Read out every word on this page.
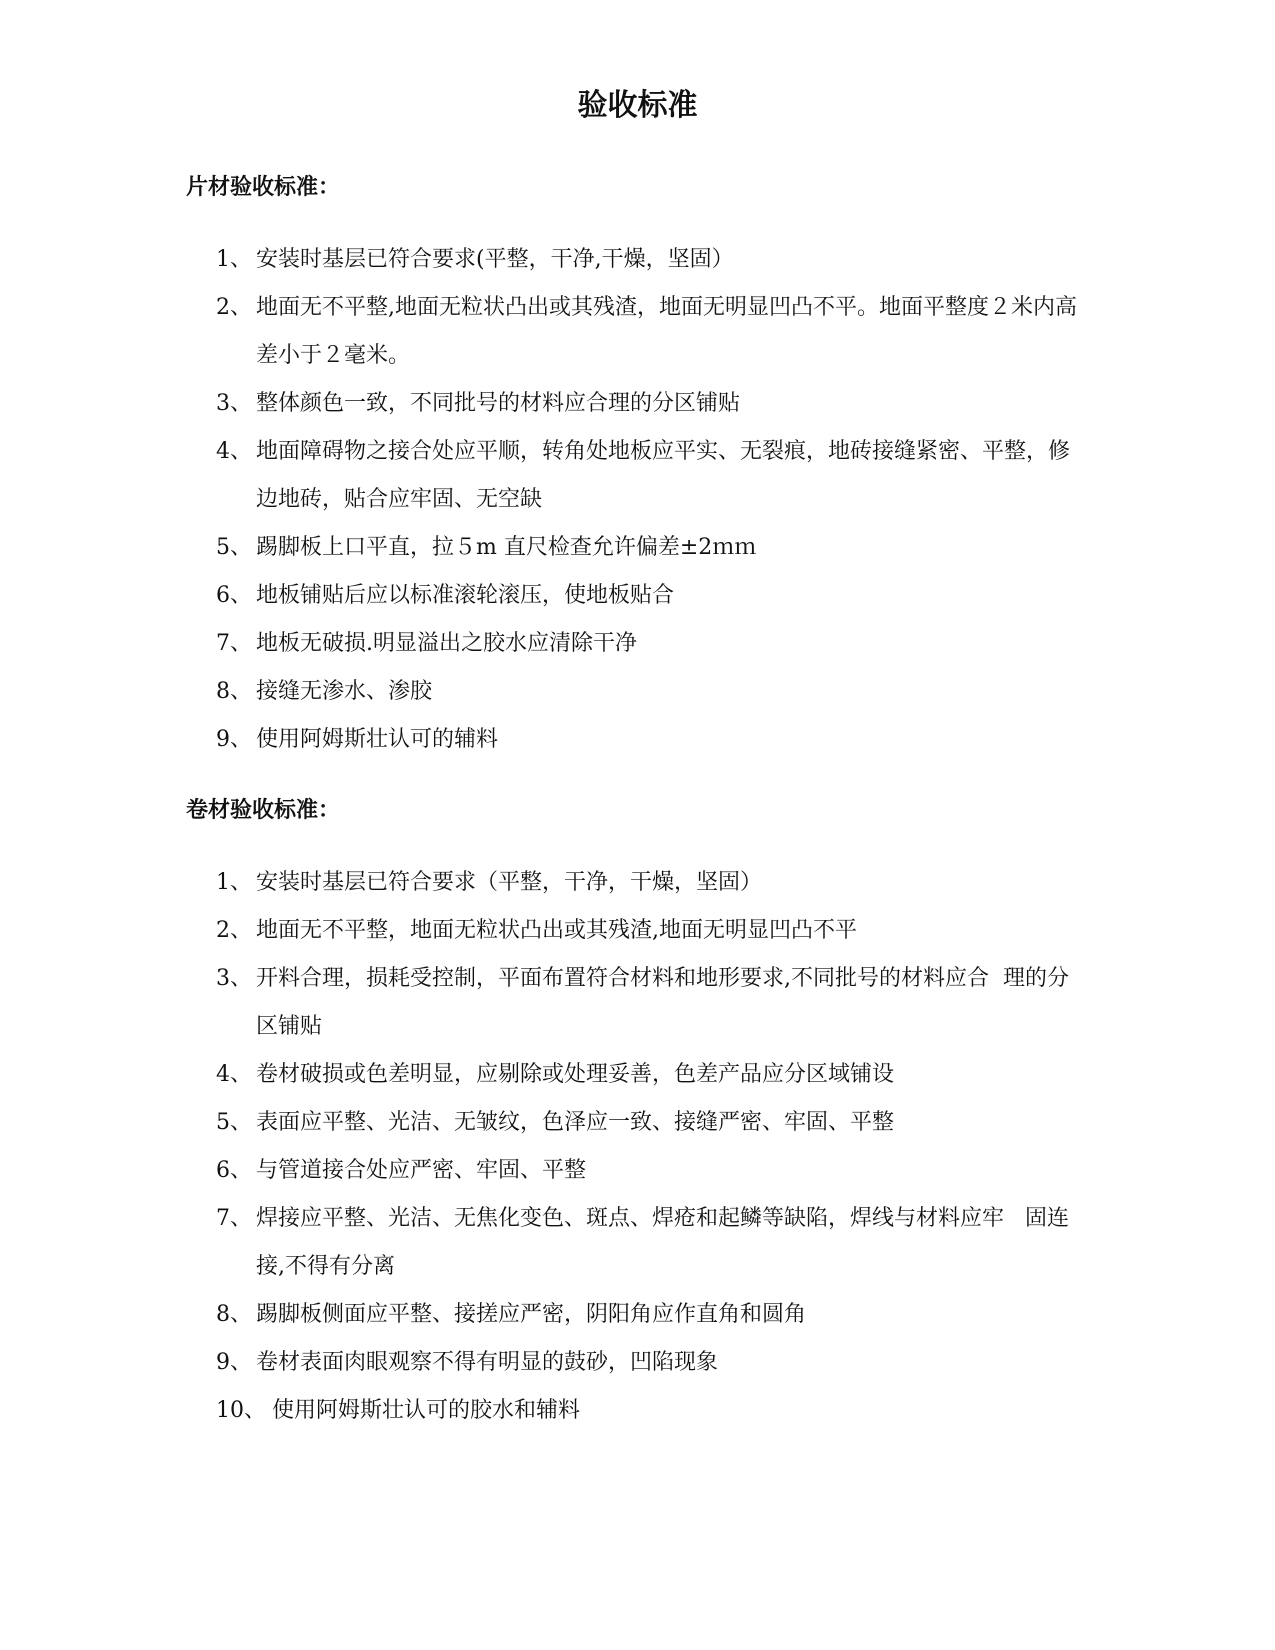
验收标准
片材验收标准：
1、 安装时基层已符合要求(平整，干净,干燥，坚固）
2、 地面无不平整,地面无粒状凸出或其残渣，地面无明显凹凸不平。地面平整度２米内高差小于２毫米。
3、 整体颜色一致，不同批号的材料应合理的分区铺贴
4、 地面障碍物之接合处应平顺，转角处地板应平实、无裂痕，地砖接缝紧密、平整，修边地砖，贴合应牢固、无空缺
5、 踢脚板上口平直，拉５m 直尺检查允许偏差±2ｍｍ
6、 地板铺贴后应以标准滚轮滚压，使地板贴合
7、 地板无破损.明显溢出之胶水应清除干净
8、 接缝无渗水、渗胶
9、 使用阿姆斯壮认可的辅料
卷材验收标准：
1、 安装时基层已符合要求（平整，干净，干燥，坚固）
2、 地面无不平整，地面无粒状凸出或其残渣,地面无明显凹凸不平
3、 开料合理，损耗受控制，平面布置符合材料和地形要求,不同批号的材料应合  理的分区铺贴
4、 卷材破损或色差明显，应剔除或处理妥善，色差产品应分区域铺设
5、 表面应平整、光洁、无皱纹，色泽应一致、接缝严密、牢固、平整
6、 与管道接合处应严密、牢固、平整
7、 焊接应平整、光洁、无焦化变色、斑点、焊疮和起鳞等缺陷，焊线与材料应牢   固连接,不得有分离
8、 踢脚板侧面应平整、接搓应严密，阴阳角应作直角和圆角
9、 卷材表面肉眼观察不得有明显的鼓砂，凹陷现象
10、 使用阿姆斯壮认可的胶水和辅料
